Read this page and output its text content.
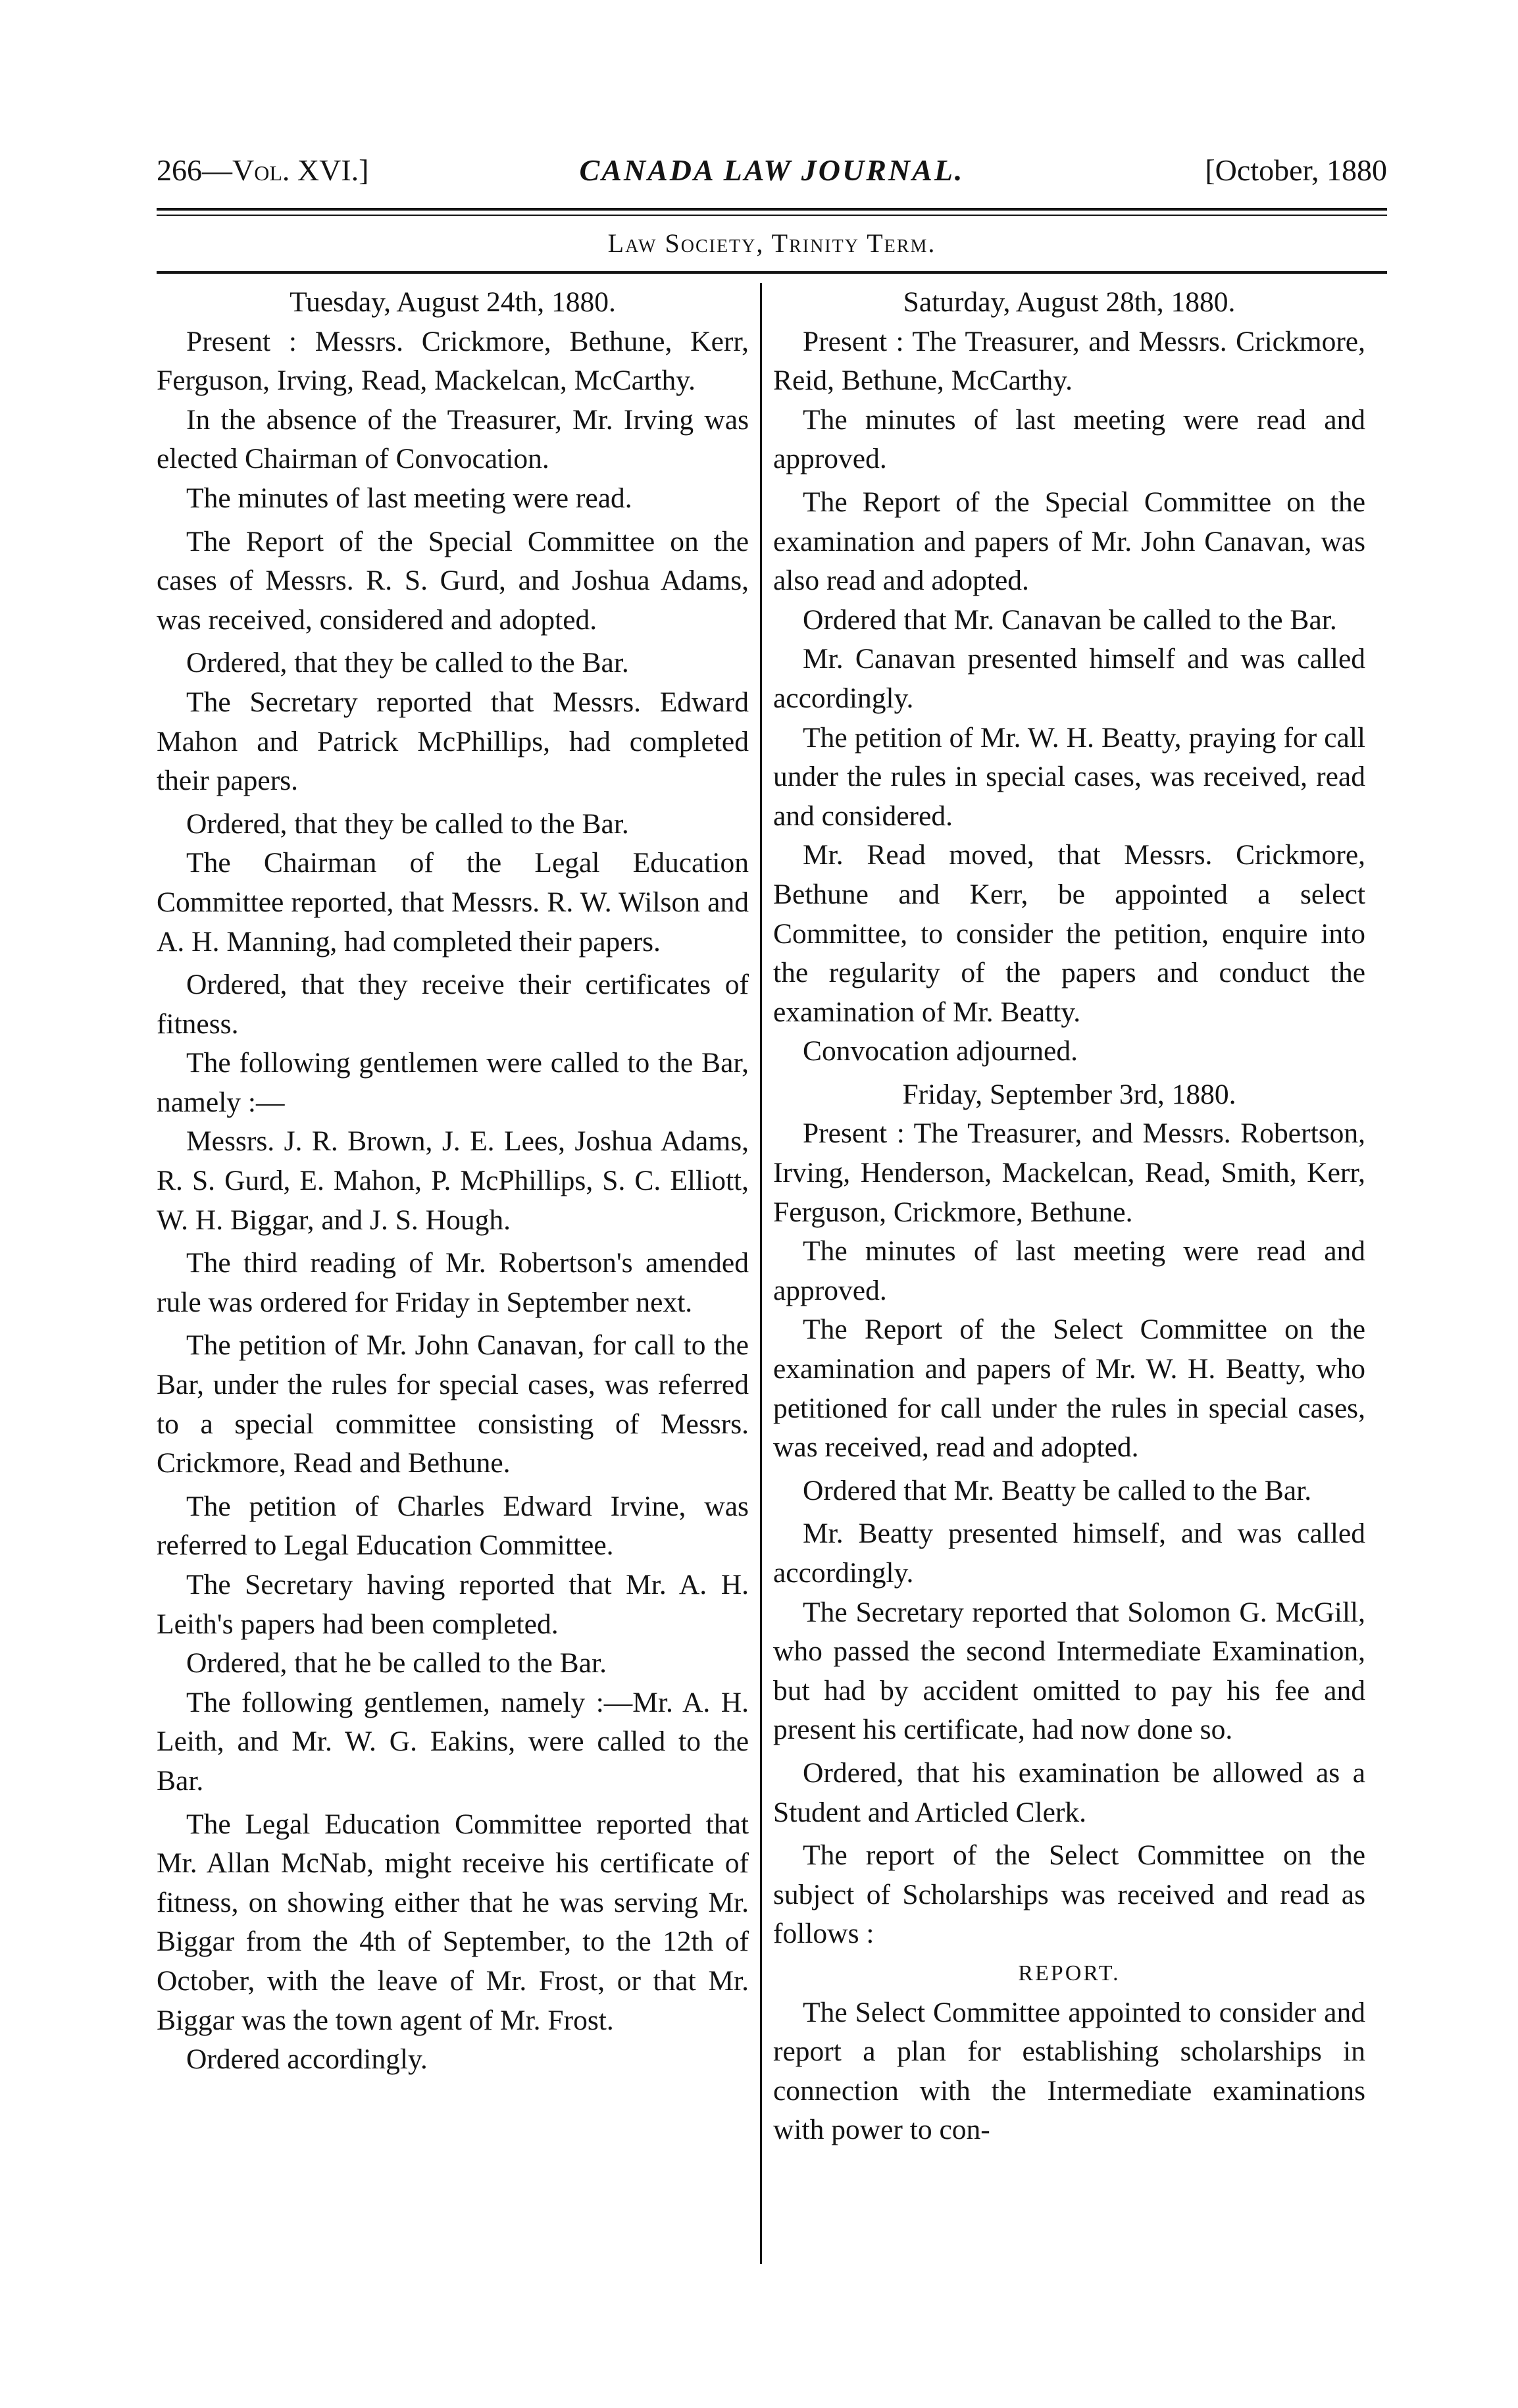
266—Vol. XVI.]	CANADA LAW JOURNAL.	[October, 1880
Law Society, Trinity Term.

Tuesday, August 24th, 1880.

Present : Messrs. Crickmore, Bethune, Kerr, Ferguson, Irving, Read, Mackelcan, McCarthy.

In the absence of the Treasurer, Mr. Irving was elected Chairman of Convocation.

The minutes of last meeting were read.

The Report of the Special Committee on the cases of Messrs. R. S. Gurd, and Joshua Adams, was received, considered and adopted.

Ordered, that they be called to the Bar.

The Secretary reported that Messrs. Edward Mahon and Patrick McPhillips, had completed their papers.

Ordered, that they be called to the Bar.

The Chairman of the Legal Education Committee reported, that Messrs. R. W. Wilson and A. H. Manning, had completed their papers.

Ordered, that they receive their certificates of fitness.

The following gentlemen were called to the Bar, namely :—

Messrs. J. R. Brown, J. E. Lees, Joshua Adams, R. S. Gurd, E. Mahon, P. McPhillips, S. C. Elliott, W. H. Biggar, and J. S. Hough.

The third reading of Mr. Robertson's amended rule was ordered for Friday in September next.

The petition of Mr. John Canavan, for call to the Bar, under the rules for special cases, was referred to a special committee consisting of Messrs. Crickmore, Read and Bethune.

The petition of Charles Edward Irvine, was referred to Legal Education Committee.

The Secretary having reported that Mr. A. H. Leith's papers had been completed.

Ordered, that he be called to the Bar.

The following gentlemen, namely :—Mr. A. H. Leith, and Mr. W. G. Eakins, were called to the Bar.

The Legal Education Committee reported that Mr. Allan McNab, might receive his certificate of fitness, on showing either that he was serving Mr. Biggar from the 4th of September, to the 12th of October, with the leave of Mr. Frost, or that Mr. Biggar was the town agent of Mr. Frost.

Ordered accordingly.

Saturday, August 28th, 1880.

Present : The Treasurer, and Messrs. Crickmore, Reid, Bethune, McCarthy.

The minutes of last meeting were read and approved.

The Report of the Special Committee on the examination and papers of Mr. John Canavan, was also read and adopted.

Ordered that Mr. Canavan be called to the Bar.

Mr. Canavan presented himself and was called accordingly.

The petition of Mr. W. H. Beatty, praying for call under the rules in special cases, was received, read and considered.

Mr. Read moved, that Messrs. Crickmore, Bethune and Kerr, be appointed a select Committee, to consider the petition, enquire into the regularity of the papers and conduct the examination of Mr. Beatty.

Convocation adjourned.

Friday, September 3rd, 1880.

Present : The Treasurer, and Messrs. Robertson, Irving, Henderson, Mackelcan, Read, Smith, Kerr, Ferguson, Crickmore, Bethune.

The minutes of last meeting were read and approved.

The Report of the Select Committee on the examination and papers of Mr. W. H. Beatty, who petitioned for call under the rules in special cases, was received, read and adopted.

Ordered that Mr. Beatty be called to the Bar.

Mr. Beatty presented himself, and was called accordingly.

The Secretary reported that Solomon G. McGill, who passed the second Intermediate Examination, but had by accident omitted to pay his fee and present his certificate, had now done so.

Ordered, that his examination be allowed as a Student and Articled Clerk.

The report of the Select Committee on the subject of Scholarships was received and read as follows :

REPORT.

The Select Committee appointed to consider and report a plan for establishing scholarships in connection with the Intermediate examinations with power to con-
